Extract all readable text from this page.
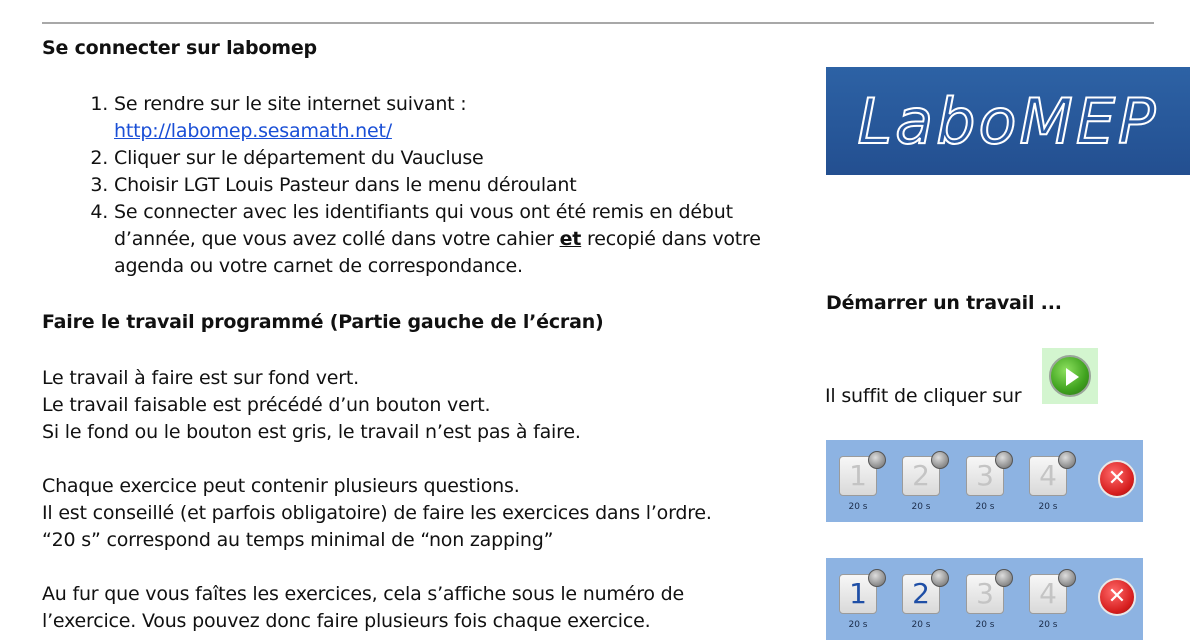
Se connecter sur labomep
1. Se rendre sur le site internet suivant :
http://labomep.sesamath.net/
2. Cliquer sur le département du Vaucluse
3. Choisir LGT Louis Pasteur dans le menu déroulant
4. Se connecter avec les identifiants qui vous ont été remis en début d’année, que vous avez collé dans votre cahier et recopié dans votre agenda ou votre carnet de correspondance.
Faire le travail programmé (Partie gauche de l’écran)
Le travail à faire est sur fond vert.
Le travail faisable est précédé d’un bouton vert.
Si le fond ou le bouton est gris, le travail n’est pas à faire.
Chaque exercice peut contenir plusieurs questions.
Il est conseillé (et parfois obligatoire) de faire les exercices dans l’ordre.
“20 s” correspond au temps minimal de “non zapping”
Au fur que vous faîtes les exercices, cela s’affiche sous le numéro de
l’exercice. Vous pouvez donc faire plusieurs fois chaque exercice.
LaboMEP
Démarrer un travail ...
Il suffit de cliquer sur
1
20 s
2
20 s
3
20 s
4
20 s
✕
1
20 s
2
20 s
3
20 s
4
20 s
✕
